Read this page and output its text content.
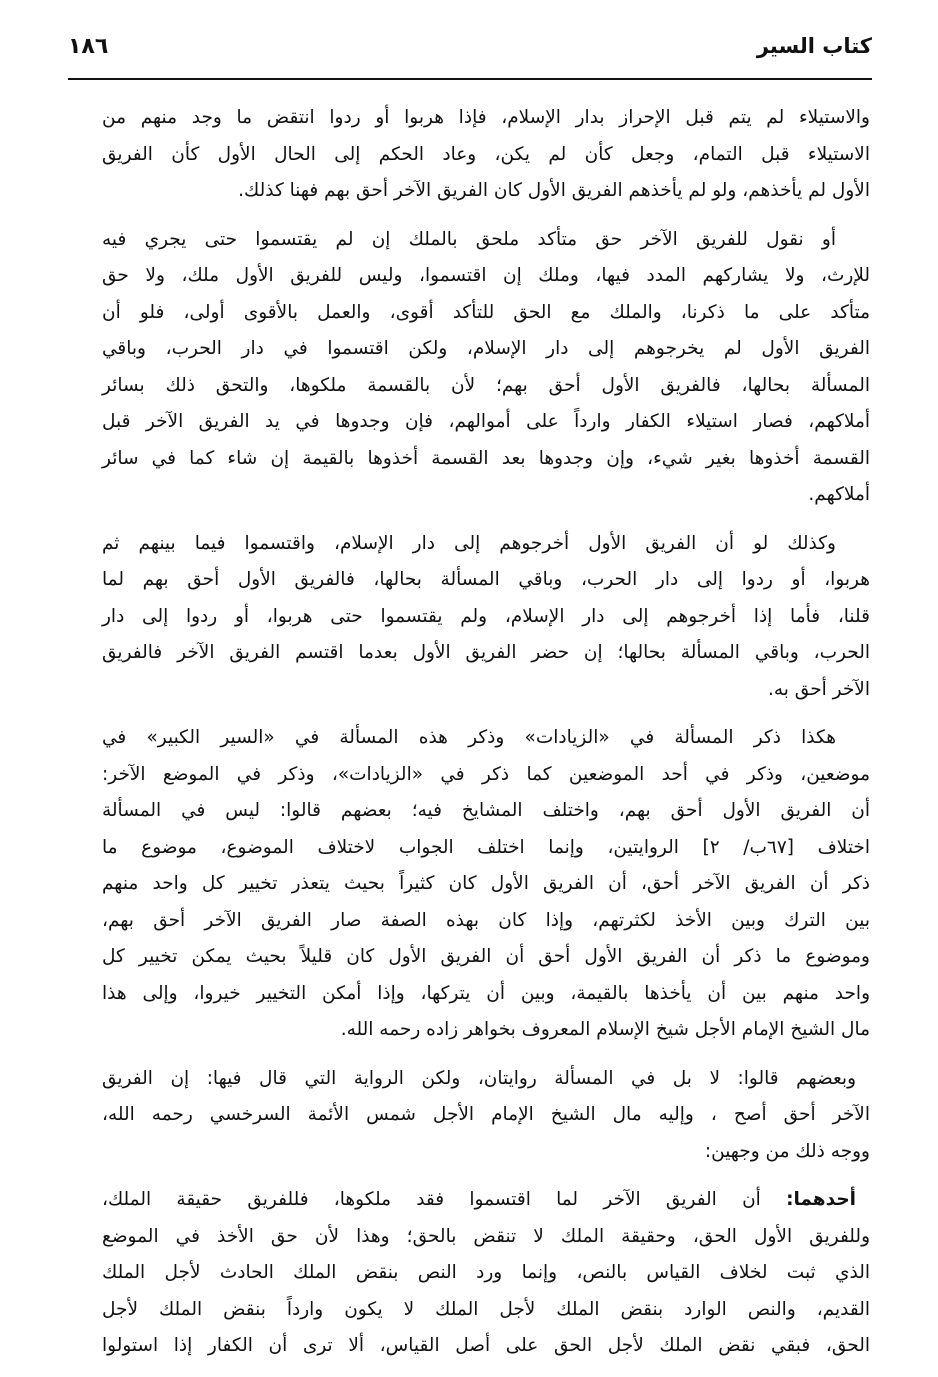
كتاب السير
١٨٦
والاستيلاء لم يتم قبل الإحراز بدار الإسلام، فإذا هربوا أو ردوا انتقض ما وجد منهم من
الاستيلاء قبل التمام، وجعل كأن لم يكن، وعاد الحكم إلى الحال الأول كأن الفريق
الأول لم يأخذهم، ولو لم يأخذهم الفريق الأول كان الفريق الآخر أحق بهم فهنا كذلك.
أو نقول للفريق الآخر حق متأكد ملحق بالملك إن لم يقتسموا حتى يجري فيه
للإرث، ولا يشاركهم المدد فيها، وملك إن اقتسموا، وليس للفريق الأول ملك، ولا حق
متأكد على ما ذكرنا، والملك مع الحق للتأكد أقوى، والعمل بالأقوى أولى، فلو أن
الفريق الأول لم يخرجوهم إلى دار الإسلام، ولكن اقتسموا في دار الحرب، وباقي
المسألة بحالها، فالفريق الأول أحق بهم؛ لأن بالقسمة ملكوها، والتحق ذلك بسائر
أملاكهم، فصار استيلاء الكفار وارداً على أموالهم، فإن وجدوها في يد الفريق الآخر قبل
القسمة أخذوها بغير شيء، وإن وجدوها بعد القسمة أخذوها بالقيمة إن شاء كما في سائر
أملاكهم.
وكذلك لو أن الفريق الأول أخرجوهم إلى دار الإسلام، واقتسموا فيما بينهم ثم
هربوا، أو ردوا إلى دار الحرب، وباقي المسألة بحالها، فالفريق الأول أحق بهم لما
قلنا، فأما إذا أخرجوهم إلى دار الإسلام، ولم يقتسموا حتى هربوا، أو ردوا إلى دار
الحرب، وباقي المسألة بحالها؛ إن حضر الفريق الأول بعدما اقتسم الفريق الآخر فالفريق
الآخر أحق به.
هكذا ذكر المسألة في «الزيادات» وذكر هذه المسألة في «السير الكبير» في
موضعين، وذكر في أحد الموضعين كما ذكر في «الزيادات»، وذكر في الموضع الآخر:
أن الفريق الأول أحق بهم، واختلف المشايخ فيه؛ بعضهم قالوا: ليس في المسألة
اختلاف [٦٧ب/ ٢] الروايتين، وإنما اختلف الجواب لاختلاف الموضوع، موضوع ما
ذكر أن الفريق الآخر أحق، أن الفريق الأول كان كثيراً بحيث يتعذر تخيير كل واحد منهم
بين الترك وبين الأخذ لكثرتهم، وإذا كان بهذه الصفة صار الفريق الآخر أحق بهم،
وموضوع ما ذكر أن الفريق الأول أحق أن الفريق الأول كان قليلاً بحيث يمكن تخيير كل
واحد منهم بين أن يأخذها بالقيمة، وبين أن يتركها، وإذا أمكن التخيير خيروا، وإلى هذا
مال الشيخ الإمام الأجل شيخ الإسلام المعروف بخواهر زاده رحمه الله.
وبعضهم قالوا: لا بل في المسألة روايتان، ولكن الرواية التي قال فيها: إن الفريق
الآخر أحق أصح ، وإليه مال الشيخ الإمام الأجل شمس الأئمة السرخسي رحمه الله،
ووجه ذلك من وجهين:
أحدهما: أن الفريق الآخر لما اقتسموا فقد ملكوها، فللفريق حقيقة الملك،
وللفريق الأول الحق، وحقيقة الملك لا تنقض بالحق؛ وهذا لأن حق الأخذ في الموضع
الذي ثبت لخلاف القياس بالنص، وإنما ورد النص بنقض الملك الحادث لأجل الملك
القديم، والنص الوارد بنقض الملك لأجل الملك لا يكون وارداً بنقض الملك لأجل
الحق، فبقي نقض الملك لأجل الحق على أصل القياس، ألا ترى أن الكفار إذا استولوا
